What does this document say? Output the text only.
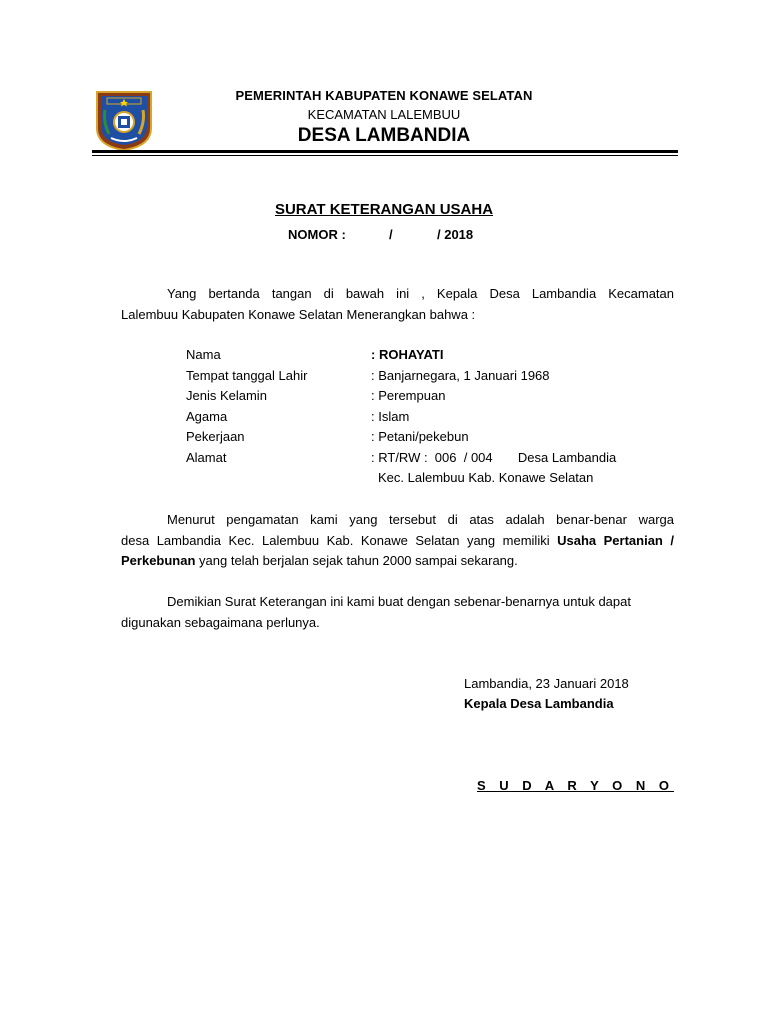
PEMERINTAH KABUPATEN KONAWE SELATAN
KECAMATAN LALEMBUU
DESA LAMBANDIA
SURAT KETERANGAN USAHA
NOMOR :	/	/ 2018
Yang bertanda tangan di bawah ini , Kepala Desa Lambandia Kecamatan
Lalembuu Kabupaten Konawe Selatan Menerangkan bahwa :
Nama	: ROHAYATI
Tempat tanggal Lahir	: Banjarnegara, 1 Januari 1968
Jenis Kelamin	: Perempuan
Agama	: Islam
Pekerjaan	: Petani/pekebun
Alamat	: RT/RW :  006  / 004       Desa Lambandia
Kec. Lalembuu Kab. Konawe Selatan
Menurut pengamatan kami yang tersebut di atas adalah benar-benar warga
desa Lambandia Kec. Lalembuu Kab. Konawe Selatan yang memiliki Usaha Pertanian /
Perkebunan yang telah berjalan sejak tahun 2000 sampai sekarang.
Demikian Surat Keterangan ini kami buat dengan sebenar-benarnya untuk dapat
digunakan sebagaimana perlunya.
Lambandia, 23 Januari 2018
Kepala Desa Lambandia
S U D A R Y O N O
